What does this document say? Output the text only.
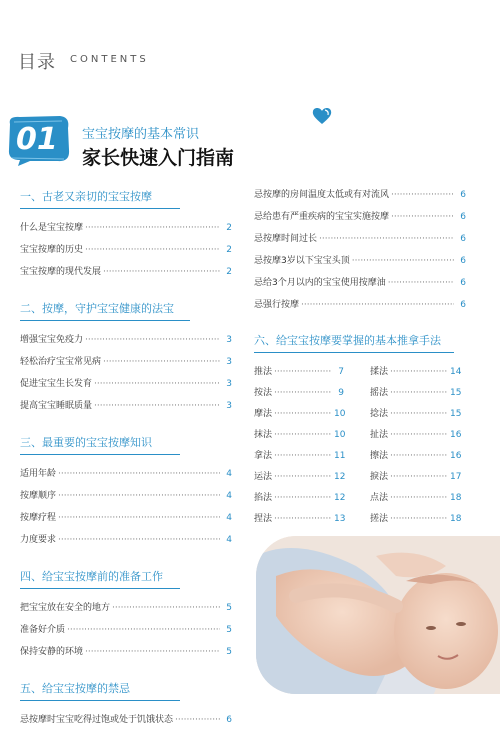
目录 CONTENTS
01 宝宝按摩的基本常识
家长快速入门指南
一、古老又亲切的宝宝按摩
什么是宝宝按摩 ·····	2
宝宝按摩的历史 ·····	2
宝宝按摩的现代发展 ·····	2
二、按摩，守护宝宝健康的法宝
增强宝宝免疫力 ·····	3
轻松治疗宝宝常见病 ·····	3
促进宝宝生长发育 ·····	3
提高宝宝睡眠质量 ·····	3
三、最重要的宝宝按摩知识
适用年龄 ·····	4
按摩顺序 ·····	4
按摩疗程 ·····	4
力度要求 ·····	4
四、给宝宝按摩前的准备工作
把宝宝放在安全的地方 ·····	5
准备好介质 ·····	5
保持安静的环境 ·····	5
五、给宝宝按摩的禁忌
忌按摩时宝宝吃得过饱或处于饥饿状态 ·····	6
忌按摩的房间温度太低或有对流风 ·····	6
忌给患有严重疾病的宝宝实施按摩 ·····	6
忌按摩时间过长 ·····	6
忌按摩3岁以下宝宝头顶 ·····	6
忌给3个月以内的宝宝使用按摩油 ·····	6
忌强行按摩 ·····	6
六、给宝宝按摩要掌握的基本推拿手法
推法 ·····	7
按法 ·····	9
摩法 ·····	10
抹法 ·····	10
拿法 ·····	11
运法 ·····	12
掐法 ·····	12
捏法 ·····	13
揉法 ·····	14
摇法 ·····	15
捻法 ·····	15
扯法 ·····	16
擦法 ·····	16
捩法 ·····	17
点法 ·····	18
搓法 ·····	18
